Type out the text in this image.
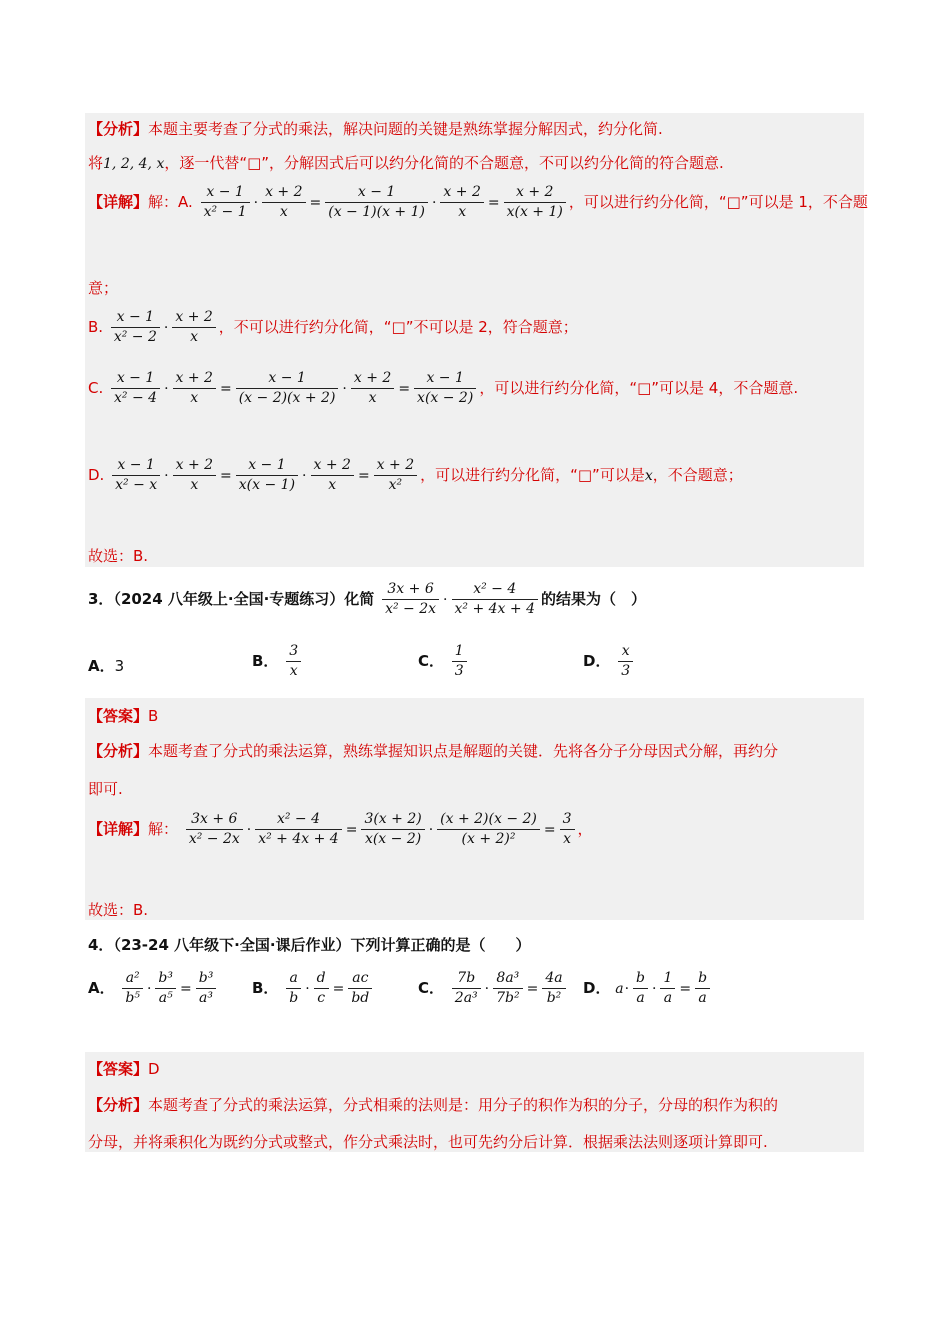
【分析】本题主要考查了分式的乘法，解决问题的关键是熟练掌握分解因式，约分化简.
将1, 2, 4, x，逐一代替“□”，分解因式后可以约分化简的不合题意，不可以约分化简的符合题意.
【详解】解：A. $\frac{x - 1}{\text{x² − 1}} \cdot \frac{x + 2}{x} = \frac{x - 1}{(x - 1)(x + 1)} \cdot \frac{x + 2}{x} = \frac{x + 2}{x(x + 1)}$ ，可以进行约分化简，“□”可以是 1，不合题
意；
B. $\frac{x - 1}{\text{x² − 2}} \cdot \frac{x + 2}{x}$ ，不可以进行约分化简，“□”不可以是 2，符合题意；
C. $\frac{x - 1}{\text{x² − 4}} \cdot \frac{x + 2}{x} = \frac{x - 1}{(x - 2)(x + 2)} \cdot \frac{x + 2}{x} = \frac{x - 1}{x(x - 2)}$ ，可以进行约分化简，“□”可以是 4，不合题意.
D. $\frac{x - 1}{\text{x² − x}} \cdot \frac{x + 2}{x} = \frac{x - 1}{x(x - 1)} \cdot \frac{x + 2}{x} = \frac{x + 2}{\text{x²}}$ ，可以进行约分化简，“□”可以是x，不合题意；
故选：B.
3．（2024 八年级上·全国·专题练习）化简 $\frac{3x + 6}{\text{x² − 2x}} \cdot \frac{\text{x² − 4}}{\text{x² + 4x + 4}}$ 的结果为（　）
A．3	B． $\frac{3}{x}$	C． $\frac{1}{3}$	D． $\frac{x}{3}$
【答案】B
【分析】本题考查了分式的乘法运算，熟练掌握知识点是解题的关键．先将各分子分母因式分解，再约分
即可.
【详解】解： $\frac{3x + 6}{\text{x² − 2x}} \cdot \frac{\text{x² − 4}}{\text{x² + 4x + 4}} = \frac{3(x + 2)}{x(x - 2)} \cdot \frac{(x + 2)(x - 2)}{\text{(x + 2)²}} = \frac{3}{x}$ ，
故选：B.
4．（23-24 八年级下·全国·课后作业）下列计算正确的是（　　）
A． $\frac{\text{a²}}{\text{b⁵}} \cdot \frac{\text{b³}}{\text{a⁵}} = \frac{\text{b³}}{\text{a³}}$ B． $\frac{a}{b} \cdot \frac{d}{c} = \frac{ac}{bd}$	C． $\frac{7b}{\text{2a³}} \cdot \frac{\text{8a³}}{\text{7b²}} = \frac{4a}{\text{b²}}$ D． $a\cdot \frac{b}{a} \cdot \frac{1}{a} = \frac{b}{a}$
【答案】D
【分析】本题考查了分式的乘法运算，分式相乘的法则是：用分子的积作为积的分子，分母的积作为积的
分母，并将乘积化为既约分式或整式，作分式乘法时，也可先约分后计算．根据乘法法则逐项计算即可.
